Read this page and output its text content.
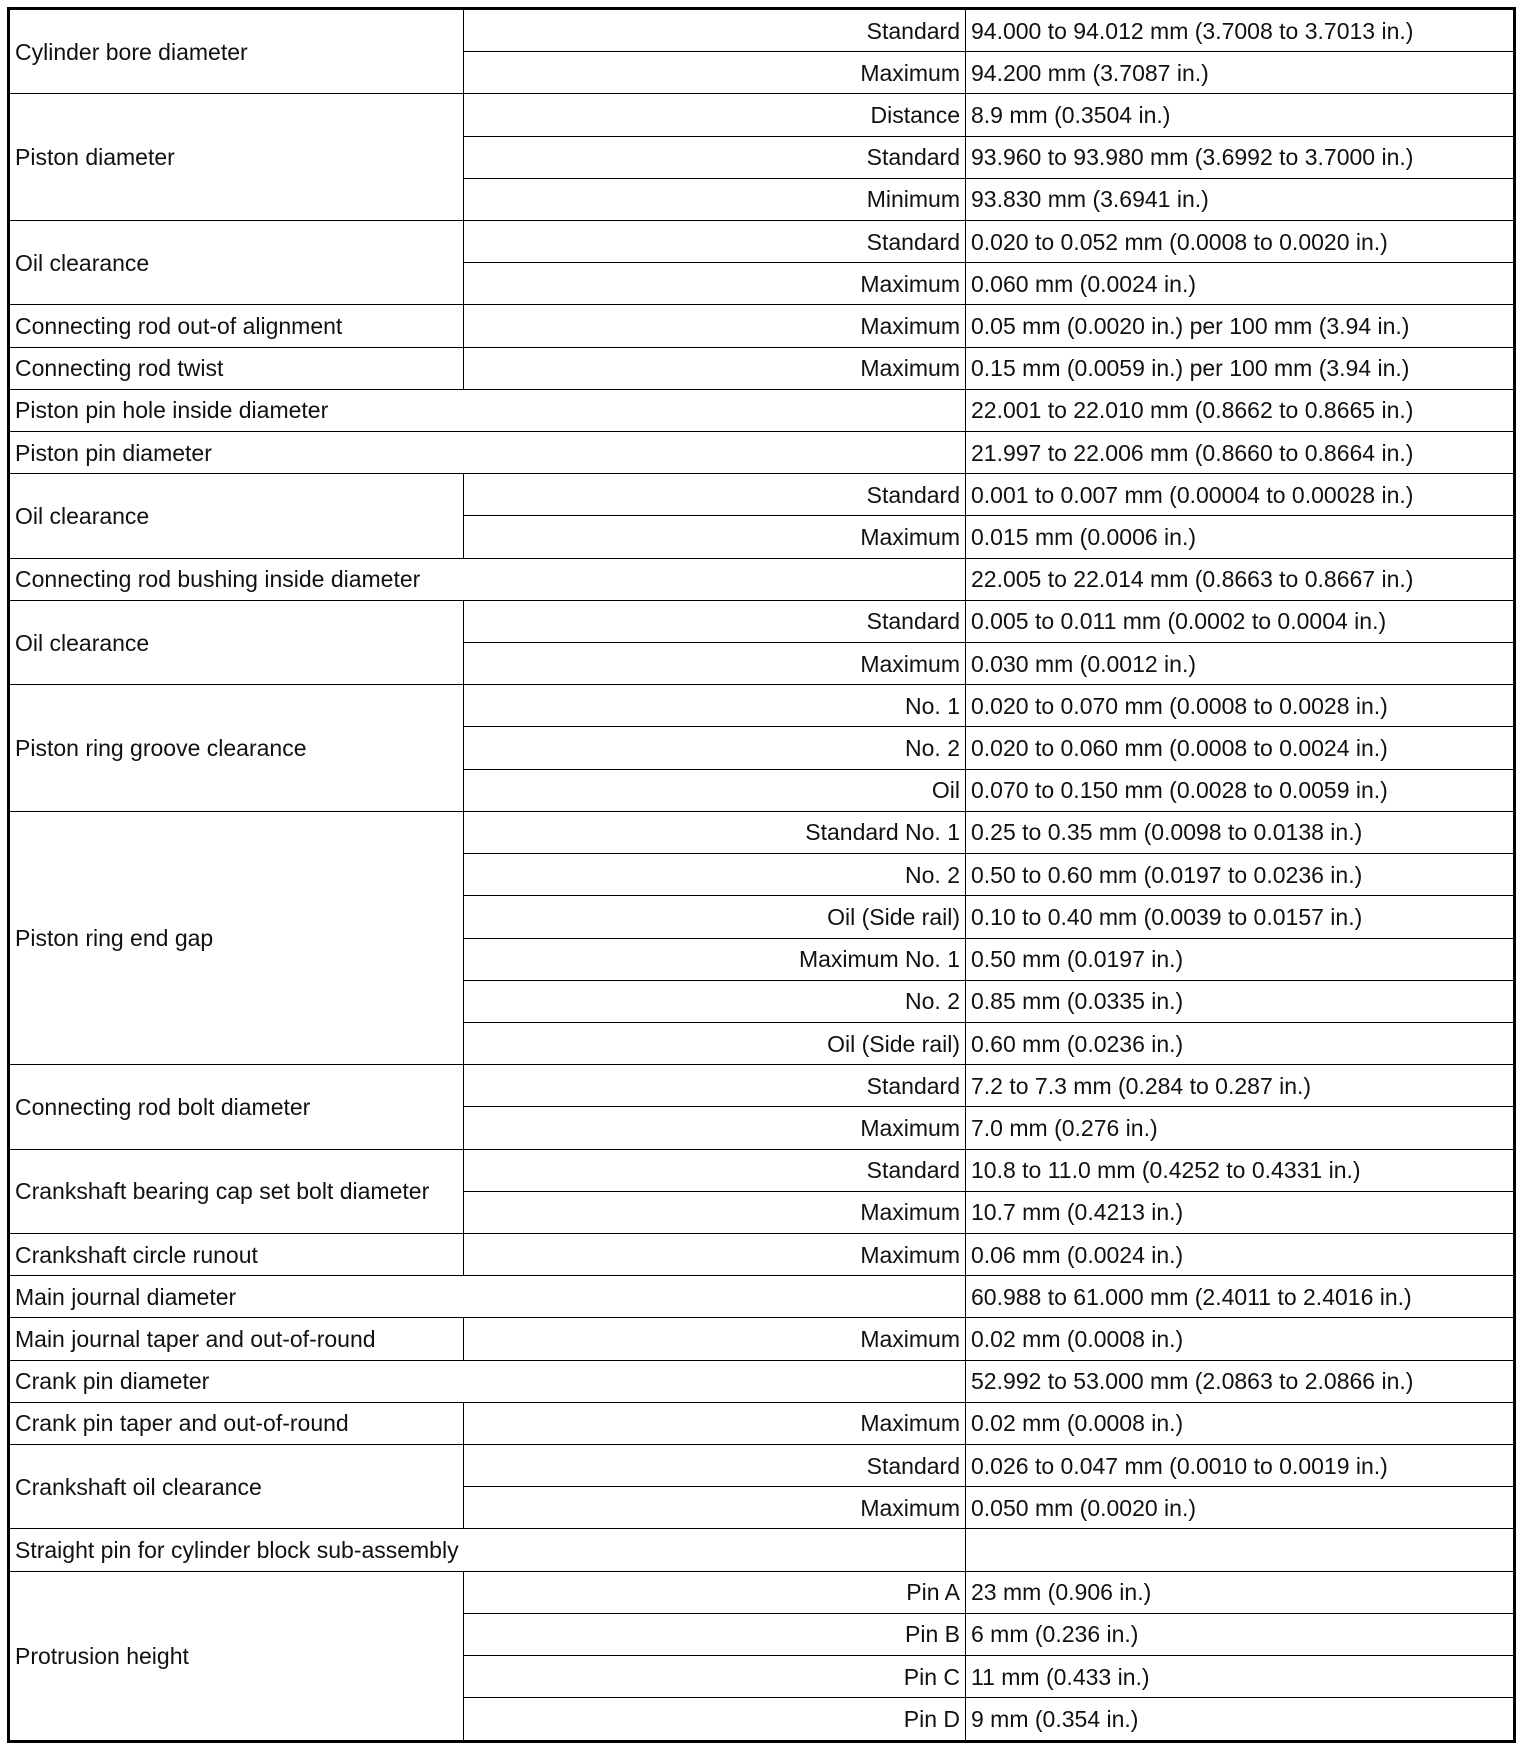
Cylinder bore diameter	Standard	94.000 to 94.012 mm (3.7008 to 3.7013 in.)
	Maximum	94.200 mm (3.7087 in.)
Piston diameter	Distance	8.9 mm (0.3504 in.)
	Standard	93.960 to 93.980 mm (3.6992 to 3.7000 in.)
	Minimum	93.830 mm (3.6941 in.)
Oil clearance	Standard	0.020 to 0.052 mm (0.0008 to 0.0020 in.)
	Maximum	0.060 mm (0.0024 in.)
Connecting rod out-of alignment	Maximum	0.05 mm (0.0020 in.) per 100 mm (3.94 in.)
Connecting rod twist	Maximum	0.15 mm (0.0059 in.) per 100 mm (3.94 in.)
Piston pin hole inside diameter		22.001 to 22.010 mm (0.8662 to 0.8665 in.)
Piston pin diameter		21.997 to 22.006 mm (0.8660 to 0.8664 in.)
Oil clearance	Standard	0.001 to 0.007 mm (0.00004 to 0.00028 in.)
	Maximum	0.015 mm (0.0006 in.)
Connecting rod bushing inside diameter		22.005 to 22.014 mm (0.8663 to 0.8667 in.)
Oil clearance	Standard	0.005 to 0.011 mm (0.0002 to 0.0004 in.)
	Maximum	0.030 mm (0.0012 in.)
Piston ring groove clearance	No. 1	0.020 to 0.070 mm (0.0008 to 0.0028 in.)
	No. 2	0.020 to 0.060 mm (0.0008 to 0.0024 in.)
	Oil	0.070 to 0.150 mm (0.0028 to 0.0059 in.)
Piston ring end gap	Standard No. 1	0.25 to 0.35 mm (0.0098 to 0.0138 in.)
	No. 2	0.50 to 0.60 mm (0.0197 to 0.0236 in.)
	Oil (Side rail)	0.10 to 0.40 mm (0.0039 to 0.0157 in.)
	Maximum No. 1	0.50 mm (0.0197 in.)
	No. 2	0.85 mm (0.0335 in.)
	Oil (Side rail)	0.60 mm (0.0236 in.)
Connecting rod bolt diameter	Standard	7.2 to 7.3 mm (0.284 to 0.287 in.)
	Maximum	7.0 mm (0.276 in.)
Crankshaft bearing cap set bolt diameter	Standard	10.8 to 11.0 mm (0.4252 to 0.4331 in.)
	Maximum	10.7 mm (0.4213 in.)
Crankshaft circle runout	Maximum	0.06 mm (0.0024 in.)
Main journal diameter		60.988 to 61.000 mm (2.4011 to 2.4016 in.)
Main journal taper and out-of-round	Maximum	0.02 mm (0.0008 in.)
Crank pin diameter		52.992 to 53.000 mm (2.0863 to 2.0866 in.)
Crank pin taper and out-of-round	Maximum	0.02 mm (0.0008 in.)
Crankshaft oil clearance	Standard	0.026 to 0.047 mm (0.0010 to 0.0019 in.)
	Maximum	0.050 mm (0.0020 in.)
Straight pin for cylinder block sub-assembly		
Protrusion height	Pin A	23 mm (0.906 in.)
	Pin B	6 mm (0.236 in.)
	Pin C	11 mm (0.433 in.)
	Pin D	9 mm (0.354 in.)
